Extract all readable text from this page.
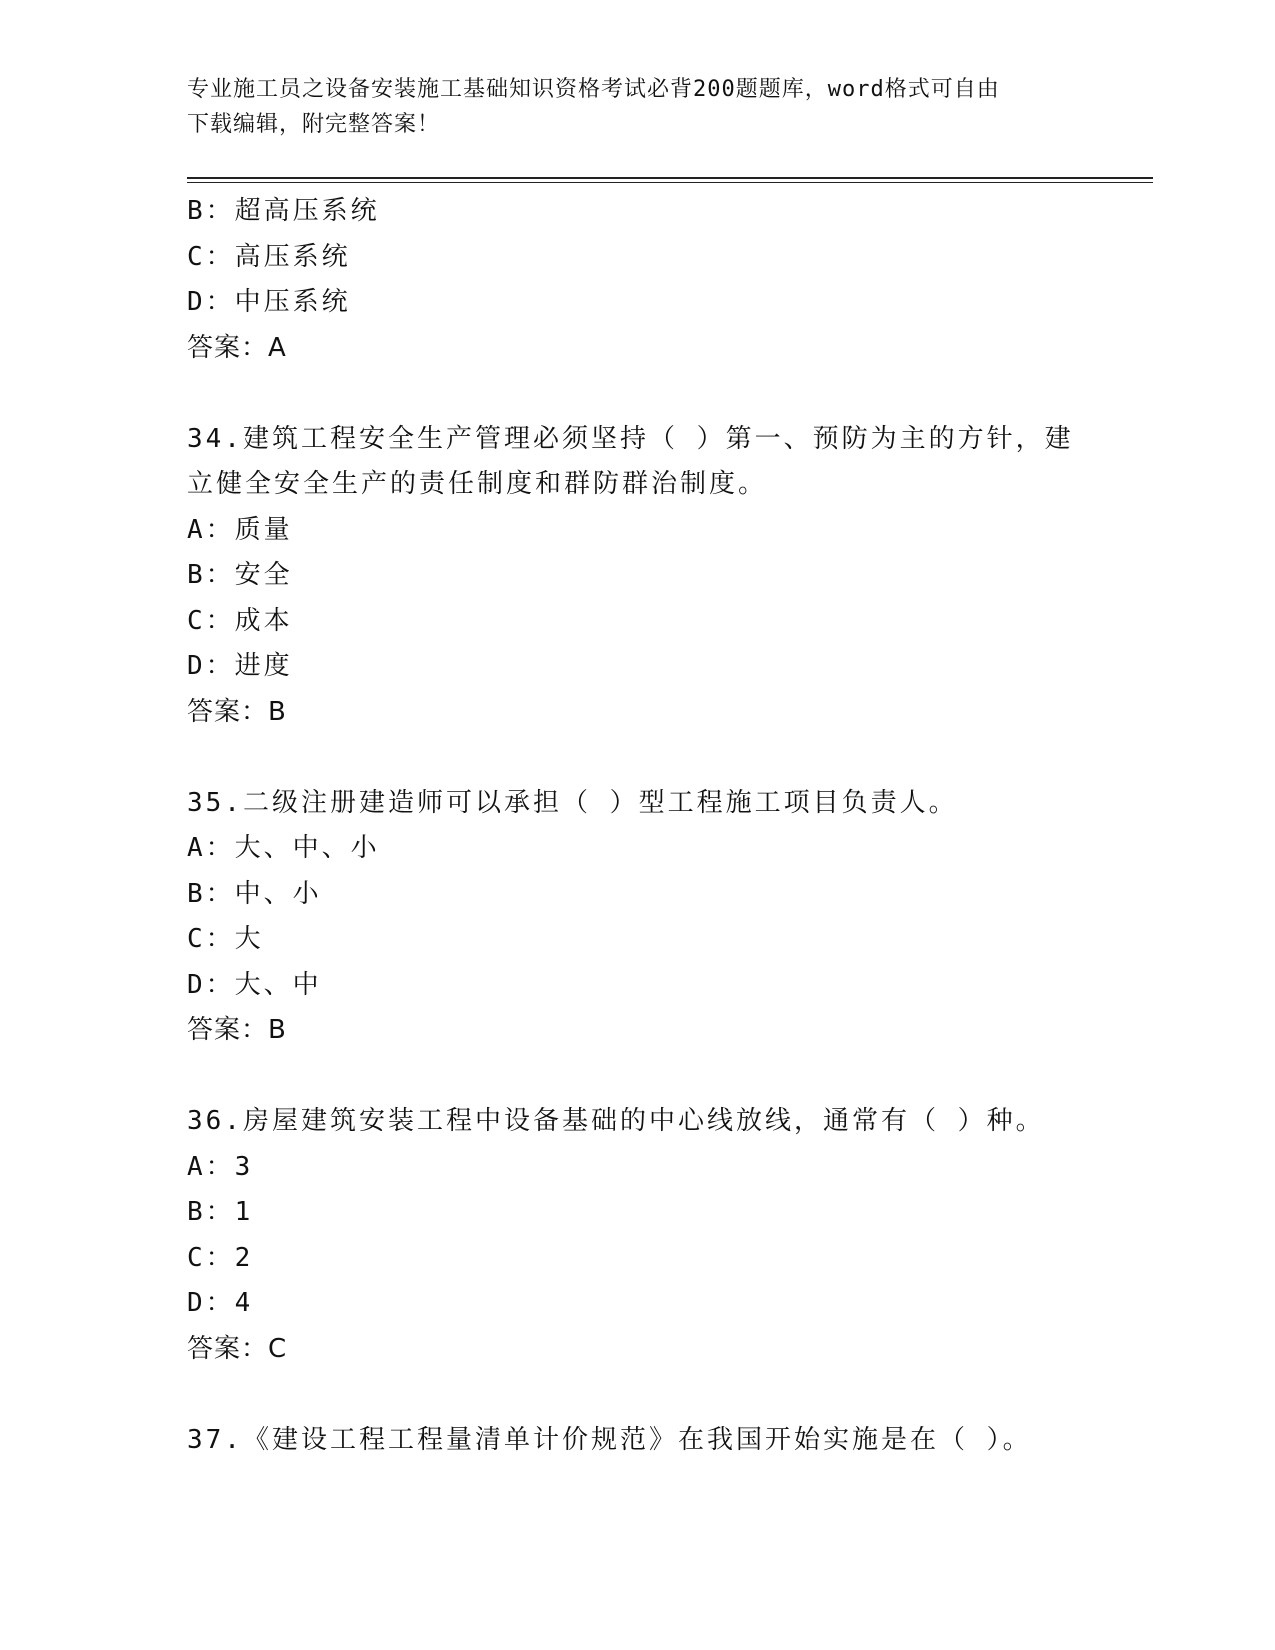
专业施工员之设备安装施工基础知识资格考试必背200题题库，word格式可自由
下载编辑，附完整答案！
B：超高压系统
C：高压系统
D：中压系统
答案：A
34.建筑工程安全生产管理必须坚持（ ）第一、预防为主的方针，建
立健全安全生产的责任制度和群防群治制度。
A：质量
B：安全
C：成本
D：进度
答案：B
35.二级注册建造师可以承担（ ）型工程施工项目负责人。
A：大、中、小
B：中、小
C：大
D：大、中
答案：B
36.房屋建筑安装工程中设备基础的中心线放线，通常有（ ）种。
A：3
B：1
C：2
D：4
答案：C
37.《建设工程工程量清单计价规范》在我国开始实施是在（ ）。
